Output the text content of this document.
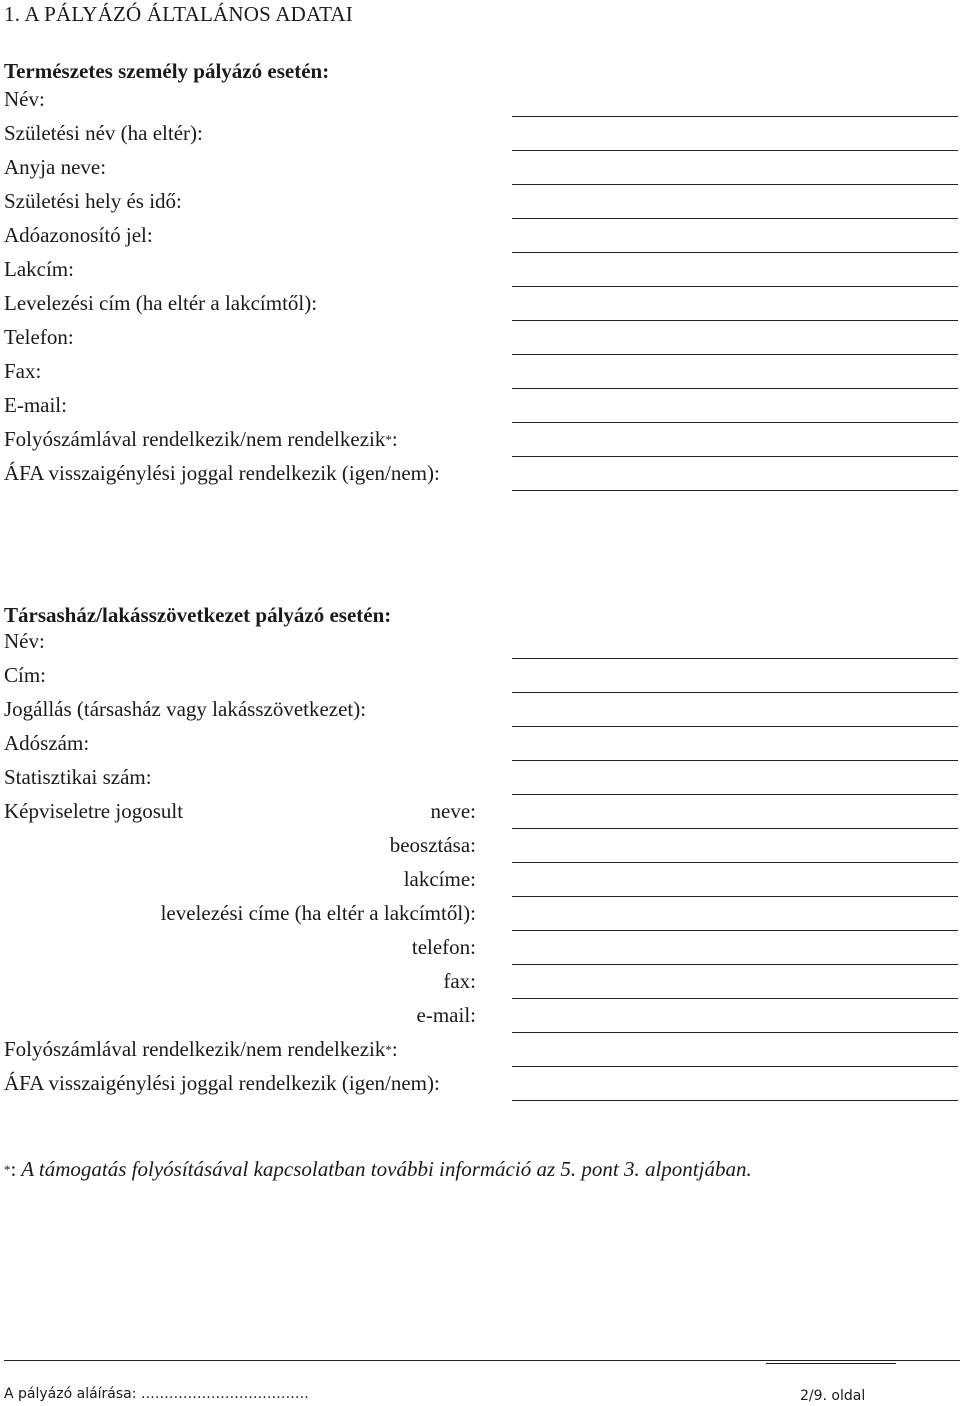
1. A PÁLYÁZÓ ÁLTALÁNOS ADATAI
Természetes személy pályázó esetén:
Név:
Születési név (ha eltér):
Anyja neve:
Születési hely és idő:
Adóazonosító jel:
Lakcím:
Levelezési cím (ha eltér a lakcímtől):
Telefon:
Fax:
E-mail:
Folyószámlával rendelkezik/nem rendelkezik*:
ÁFA visszaigénylési joggal rendelkezik (igen/nem):
Társasház/lakásszövetkezet pályázó esetén:
Név:
Cím:
Jogállás (társasház vagy lakásszövetkezet):
Adószám:
Statisztikai szám:
Képviseletre jogosult	neve:
beosztása:
lakcíme:
levelezési címe (ha eltér a lakcímtől):
telefon:
fax:
e-mail:
Folyószámlával rendelkezik/nem rendelkezik*:
ÁFA visszaigénylési joggal rendelkezik (igen/nem):
*: A támogatás folyósításával kapcsolatban további információ az 5. pont 3. alpontjában.
A pályázó aláírása: ………………………………	2/9. oldal
